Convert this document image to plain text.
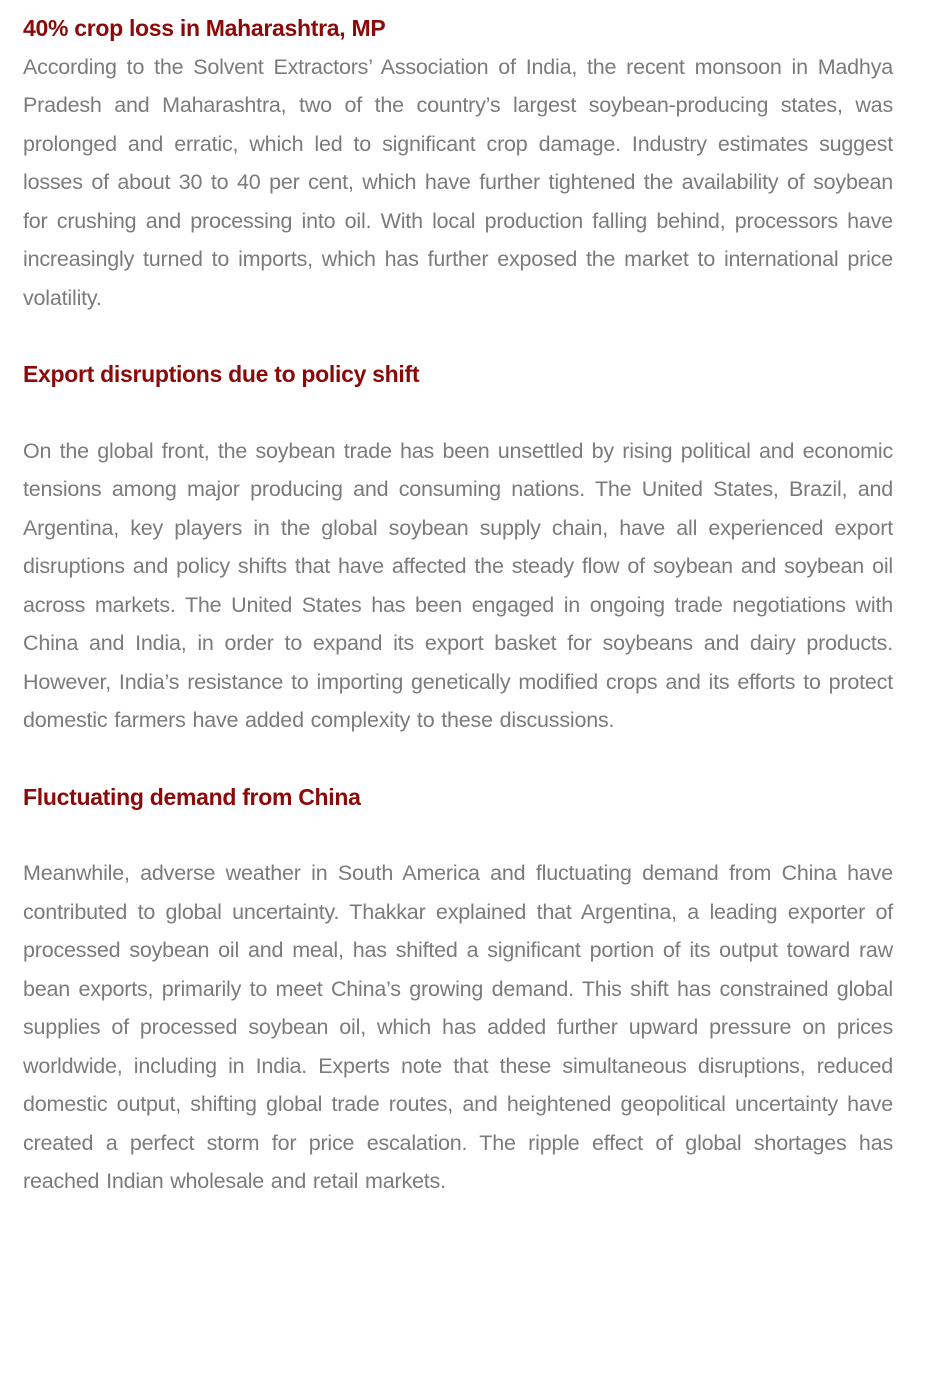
40% crop loss in Maharashtra, MP

According to the Solvent Extractors’ Association of India, the recent monsoon in Madhya Pradesh and Maharashtra, two of the country’s largest soybean-producing states, was prolonged and erratic, which led to significant crop damage. Industry estimates suggest losses of about 30 to 40 per cent, which have further tightened the availability of soybean for crushing and processing into oil. With local production falling behind, processors have increasingly turned to imports, which has further exposed the market to international price volatility.

Export disruptions due to policy shift

On the global front, the soybean trade has been unsettled by rising political and economic tensions among major producing and consuming nations. The United States, Brazil, and Argentina, key players in the global soybean supply chain, have all experienced export disruptions and policy shifts that have affected the steady flow of soybean and soybean oil across markets. The United States has been engaged in ongoing trade negotiations with China and India, in order to expand its export basket for soybeans and dairy products. However, India’s resistance to importing genetically modified crops and its efforts to protect domestic farmers have added complexity to these discussions.

Fluctuating demand from China

Meanwhile, adverse weather in South America and fluctuating demand from China have contributed to global uncertainty. Thakkar explained that Argentina, a leading exporter of processed soybean oil and meal, has shifted a significant portion of its output toward raw bean exports, primarily to meet China’s growing demand. This shift has constrained global supplies of processed soybean oil, which has added further upward pressure on prices worldwide, including in India. Experts note that these simultaneous disruptions, reduced domestic output, shifting global trade routes, and heightened geopolitical uncertainty have created a perfect storm for price escalation. The ripple effect of global shortages has reached Indian wholesale and retail markets.
